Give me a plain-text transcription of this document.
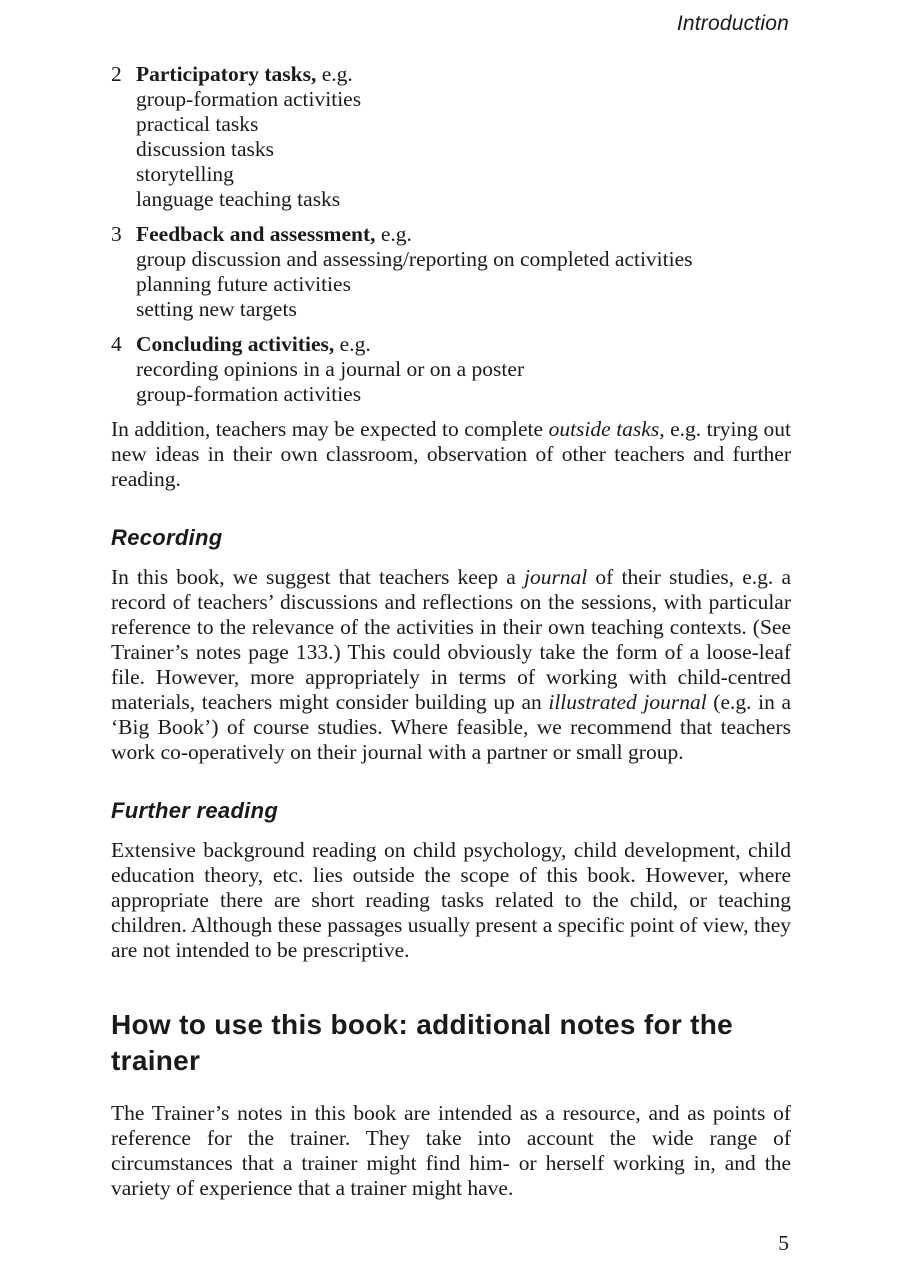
Introduction

2 Participatory tasks, e.g.
group-formation activities
practical tasks
discussion tasks
storytelling
language teaching tasks
3 Feedback and assessment, e.g.
group discussion and assessing/reporting on completed activities
planning future activities
setting new targets
4 Concluding activities, e.g.
recording opinions in a journal or on a poster
group-formation activities

In addition, teachers may be expected to complete outside tasks, e.g. trying out new ideas in their own classroom, observation of other teachers and further reading.

Recording

In this book, we suggest that teachers keep a journal of their studies, e.g. a record of teachers’ discussions and reflections on the sessions, with particular reference to the relevance of the activities in their own teaching contexts. (See Trainer’s notes page 133.) This could obviously take the form of a loose-leaf file. However, more appropriately in terms of working with child-centred materials, teachers might consider building up an illustrated journal (e.g. in a ‘Big Book’) of course studies. Where feasible, we recommend that teachers work co-operatively on their journal with a partner or small group.

Further reading

Extensive background reading on child psychology, child development, child education theory, etc. lies outside the scope of this book. However, where appropriate there are short reading tasks related to the child, or teaching children. Although these passages usually present a specific point of view, they are not intended to be prescriptive.

How to use this book: additional notes for the trainer

The Trainer’s notes in this book are intended as a resource, and as points of reference for the trainer. They take into account the wide range of circumstances that a trainer might find him- or herself working in, and the variety of experience that a trainer might have.

5
